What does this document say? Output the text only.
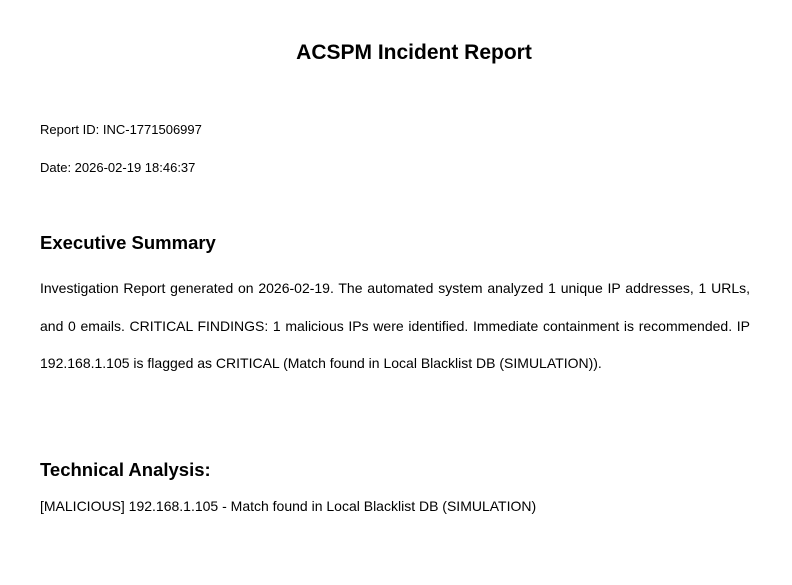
ACSPM Incident Report

Report ID: INC-1771506997

Date: 2026-02-19 18:46:37

Executive Summary

Investigation Report generated on 2026-02-19. The automated system analyzed 1 unique IP addresses, 1 URLs, and 0 emails. CRITICAL FINDINGS: 1 malicious IPs were identified. Immediate containment is recommended. IP 192.168.1.105 is flagged as CRITICAL (Match found in Local Blacklist DB (SIMULATION)).

Technical Analysis:

[MALICIOUS] 192.168.1.105 - Match found in Local Blacklist DB (SIMULATION)
